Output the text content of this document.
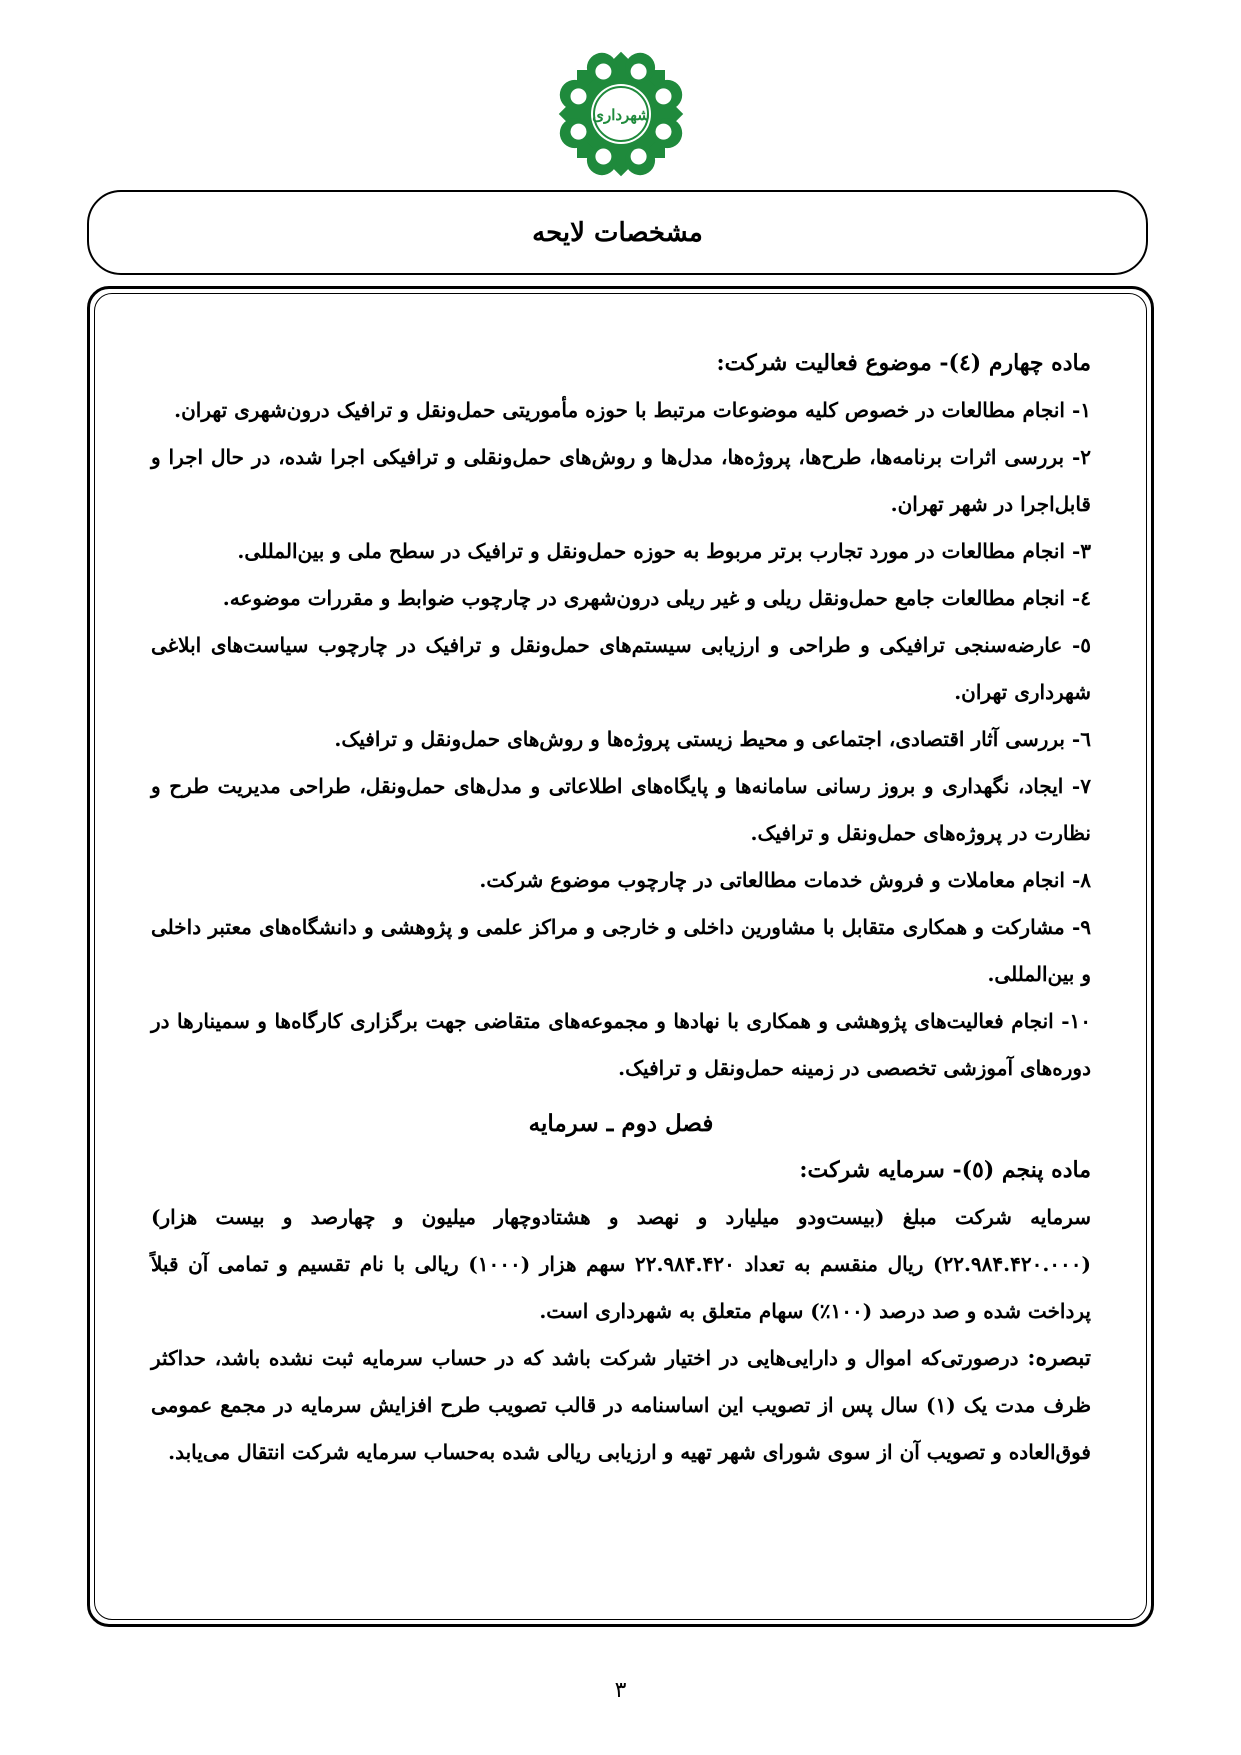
شهرداری
مشخصات لایحه

ماده چهارم (٤)- موضوع فعالیت شرکت:

۱- انجام مطالعات در خصوص کلیه موضوعات مرتبط با حوزه مأموریتی حمل‌ونقل و ترافیک درون‌شهری تهران.

۲- بررسی اثرات برنامه‌ها، طرح‌ها، پروژه‌ها، مدل‌ها و روش‌های حمل‌ونقلی و ترافیکی اجرا شده، در حال اجرا و قابل‌اجرا در شهر تهران.

۳- انجام مطالعات در مورد تجارب برتر مربوط به حوزه حمل‌ونقل و ترافیک در سطح ملی و بین‌المللی.

٤- انجام مطالعات جامع حمل‌ونقل ریلی و غیر ریلی درون‌شهری در چارچوب ضوابط و مقررات موضوعه.

٥- عارضه‌سنجی ترافیکی و طراحی و ارزیابی سیستم‌های حمل‌ونقل و ترافیک در چارچوب سیاست‌های ابلاغی شهرداری تهران.

٦- بررسی آثار اقتصادی، اجتماعی و محیط زیستی پروژه‌ها و روش‌های حمل‌ونقل و ترافیک.

۷- ایجاد، نگهداری و بروز رسانی سامانه‌ها و پایگاه‌های اطلاعاتی و مدل‌های حمل‌ونقل، طراحی مدیریت طرح و نظارت در پروژه‌های حمل‌ونقل و ترافیک.

۸- انجام معاملات و فروش خدمات مطالعاتی در چارچوب موضوع شرکت.

۹- مشارکت و همکاری متقابل با مشاورین داخلی و خارجی و مراکز علمی و پژوهشی و دانشگاه‌های معتبر داخلی و بین‌المللی.

۱۰- انجام فعالیت‌های پژوهشی و همکاری با نهادها و مجموعه‌های متقاضی جهت برگزاری کارگاه‌ها و سمینارها در دوره‌های آموزشی تخصصی در زمینه حمل‌ونقل و ترافیک.

فصل دوم ـ سرمایه

ماده پنجم (٥)- سرمایه شرکت:

سرمایه شرکت مبلغ (بیست‌ودو میلیارد و نهصد و هشتادوچهار میلیون و چهارصد و بیست هزار) (۲۲.۹۸۴.۴۲۰.۰۰۰) ریال منقسم به تعداد ۲۲.۹۸۴.۴۲۰ سهم هزار (۱۰۰۰) ریالی با نام تقسیم و تمامی آن قبلاً پرداخت شده و صد درصد (۱۰۰٪) سهام متعلق به شهرداری است.

تبصره: درصورتی‌که اموال و دارایی‌هایی در اختیار شرکت باشد که در حساب سرمایه ثبت نشده باشد، حداکثر ظرف مدت یک (۱) سال پس از تصویب این اساسنامه در قالب تصویب طرح افزایش سرمایه در مجمع عمومی فوق‌العاده و تصویب آن از سوی شورای شهر تهیه و ارزیابی ریالی شده به‌حساب سرمایه شرکت انتقال می‌یابد.

۳
